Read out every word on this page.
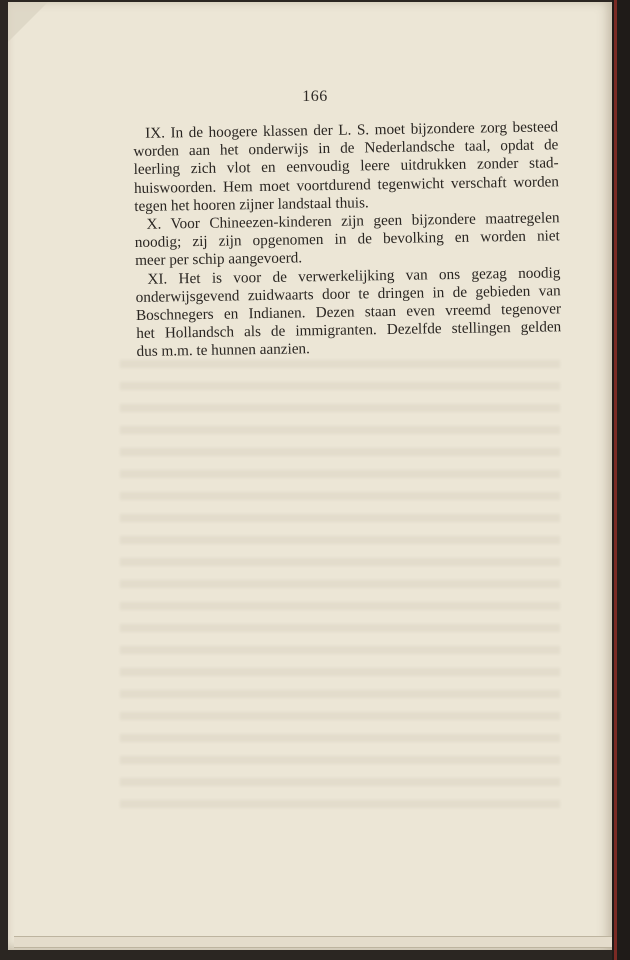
166
IX. In de hoogere klassen der L. S. moet bijzondere zorg besteed
worden aan het onderwijs in de Nederlandsche taal, opdat de
leerling zich vlot en eenvoudig leere uitdrukken zonder stad-
huiswoorden. Hem moet voortdurend tegenwicht verschaft worden
tegen het hooren zijner landstaal thuis.
X. Voor Chineezen-kinderen zijn geen bijzondere maatregelen
noodig; zij zijn opgenomen in de bevolking en worden niet
meer per schip aangevoerd.
XI. Het is voor de verwerkelijking van ons gezag noodig
onderwijsgevend zuidwaarts door te dringen in de gebieden van
Boschnegers en Indianen. Dezen staan even vreemd tegenover
het Hollandsch als de immigranten. Dezelfde stellingen gelden
dus m.m. te hunnen aanzien.
